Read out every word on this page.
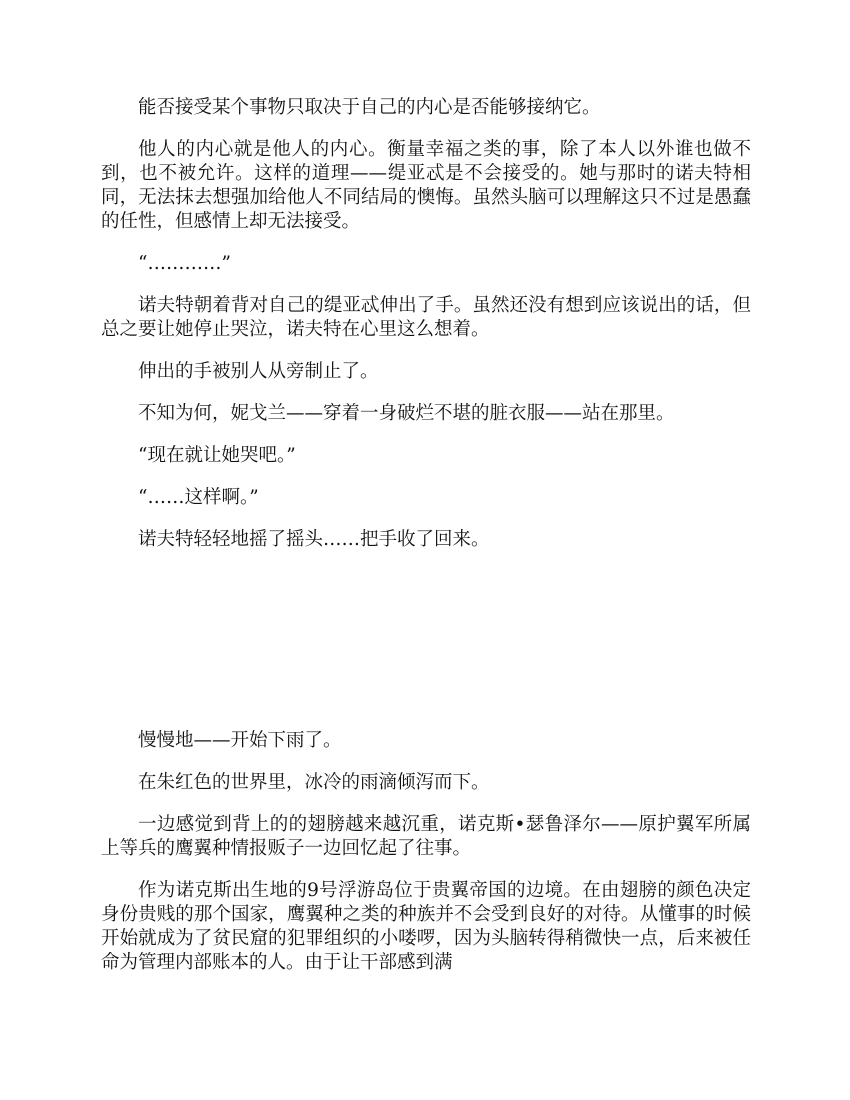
能否接受某个事物只取决于自己的内心是否能够接纳它。

他人的内心就是他人的内心。衡量幸福之类的事，除了本人以外谁也做不到，也不被允许。这样的道理——缇亚忒是不会接受的。她与那时的诺夫特相同，无法抹去想强加给他人不同结局的懊悔。虽然头脑可以理解这只不过是愚蠢的任性，但感情上却无法接受。

“…………”

诺夫特朝着背对自己的缇亚忒伸出了手。虽然还没有想到应该说出的话，但总之要让她停止哭泣，诺夫特在心里这么想着。

伸出的手被别人从旁制止了。

不知为何，妮戈兰——穿着一身破烂不堪的脏衣服——站在那里。

“现在就让她哭吧。”

“……这样啊。”

诺夫特轻轻地摇了摇头……把手收了回来。

慢慢地——开始下雨了。

在朱红色的世界里，冰冷的雨滴倾泻而下。

一边感觉到背上的的翅膀越来越沉重，诺克斯•瑟鲁泽尔——原护翼军所属上等兵的鹰翼种情报贩子一边回忆起了往事。

作为诺克斯出生地的9号浮游岛位于贵翼帝国的边境。在由翅膀的颜色决定身份贵贱的那个国家，鹰翼种之类的种族并不会受到良好的对待。从懂事的时候开始就成为了贫民窟的犯罪组织的小喽啰，因为头脑转得稍微快一点，后来被任命为管理内部账本的人。由于让干部感到满
